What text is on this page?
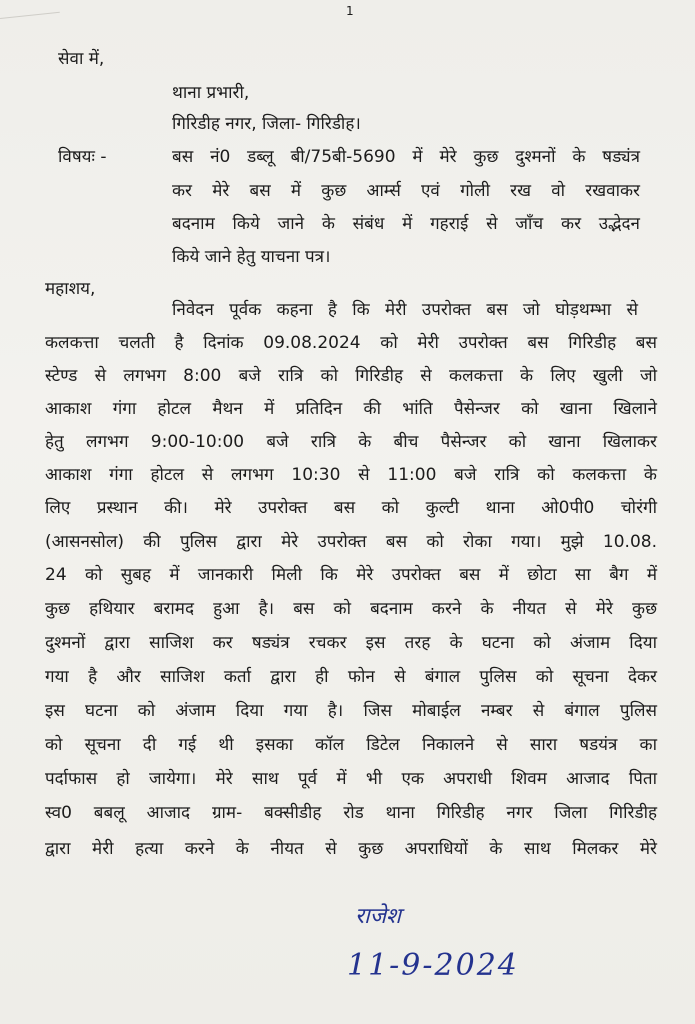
1
सेवा में,
थाना प्रभारी,
गिरिडीह नगर, जिला- गिरिडीह।
विषयः -	बस नं0 डब्लू बी/75बी-5690 में मेरे कुछ दुश्मनों के षड्यंत्र
कर मेरे बस में कुछ आर्म्स एवं गोली रख वो रखवाकर
बदनाम किये जाने के संबंध में गहराई से जाँच कर उद्भेदन
किये जाने हेतु याचना पत्र।
महाशय,
निवेदन पूर्वक कहना है कि मेरी उपरोक्त बस जो घोड़थम्भा से
कलकत्ता चलती है दिनांक 09.08.2024 को मेरी उपरोक्त बस गिरिडीह बस
स्टेण्ड से लगभग 8:00 बजे रात्रि को गिरिडीह से कलकत्ता के लिए खुली जो
आकाश गंगा होटल मैथन में प्रतिदिन की भांति पैसेन्जर को खाना खिलाने
हेतु लगभग 9:00-10:00 बजे रात्रि के बीच पैसेन्जर को खाना खिलाकर
आकाश गंगा होटल से लगभग 10:30 से 11:00 बजे रात्रि को कलकत्ता के
लिए प्रस्थान की। मेरे उपरोक्त बस को कुल्टी थाना ओ0पी0 चोरंगी
(आसनसोल) की पुलिस द्वारा मेरे उपरोक्त बस को रोका गया। मुझे 10.08.
24 को सुबह में जानकारी मिली कि मेरे उपरोक्त बस में छोटा सा बैग में
कुछ हथियार बरामद हुआ है। बस को बदनाम करने के नीयत से मेरे कुछ
दुश्मनों द्वारा साजिश कर षड्यंत्र रचकर इस तरह के घटना को अंजाम दिया
गया है और साजिश कर्ता द्वारा ही फोन से बंगाल पुलिस को सूचना देकर
इस घटना को अंजाम दिया गया है। जिस मोबाईल नम्बर से बंगाल पुलिस
को सूचना दी गई थी इसका कॉल डिटेल निकालने से सारा षडयंत्र का
पर्दाफास हो जायेगा। मेरे साथ पूर्व में भी एक अपराधी शिवम आजाद पिता
स्व0 बबलू आजाद ग्राम- बक्सीडीह रोड थाना गिरिडीह नगर जिला गिरिडीह
द्वारा मेरी हत्या करने के नीयत से कुछ अपराधियों के साथ मिलकर मेरे
राजेश
11-9-2024
